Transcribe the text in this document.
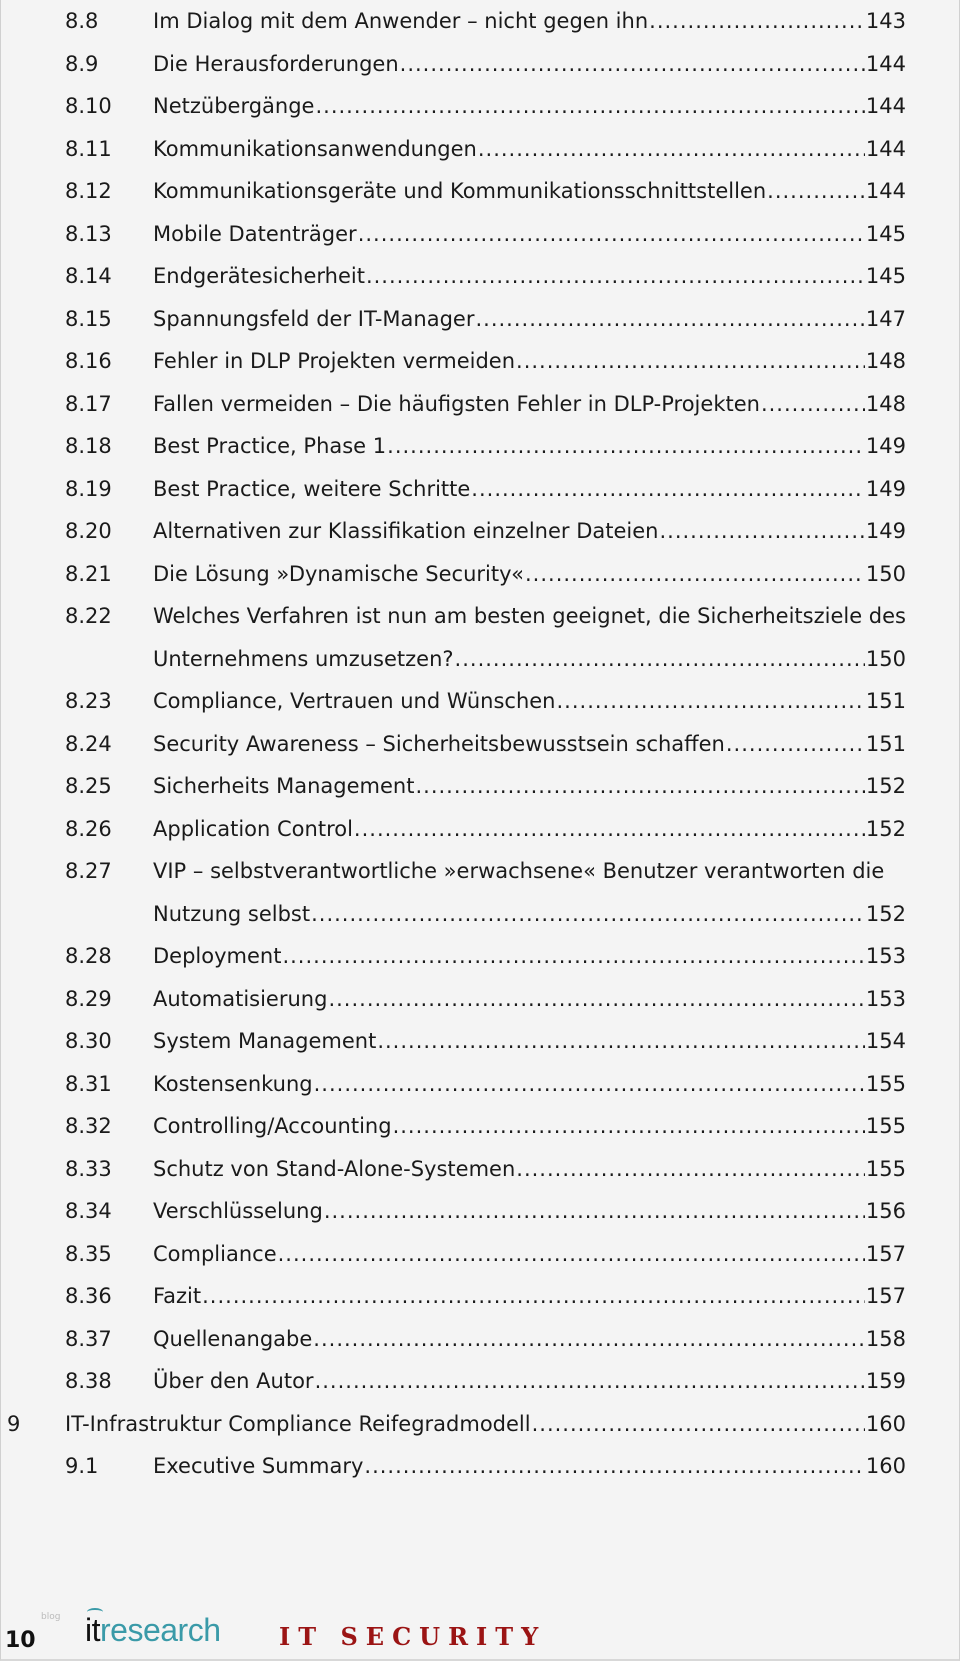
8.8	Im Dialog mit dem Anwender – nicht gegen ihn .....	143
8.9	Die Herausforderungen .....	144
8.10 Netzübergänge .....	144
8.11 Kommunikationsanwendungen .....	144
8.12 Kommunikationsgeräte und Kommunikationsschnittstellen .....	144
8.13 Mobile Datenträger .....	145
8.14 Endgerätesicherheit .....	145
8.15 Spannungsfeld der IT-Manager .....	147
8.16 Fehler in DLP Projekten vermeiden .....	148
8.17 Fallen vermeiden – Die häufigsten Fehler in DLP-Projekten .....	148
8.18 Best Practice, Phase 1 .....	149
8.19 Best Practice, weitere Schritte .....	149
8.20 Alternativen zur Klassifikation einzelner Dateien .....	149
8.21 Die Lösung »Dynamische Security« .....	150
8.22 Welches Verfahren ist nun am besten geeignet, die Sicherheitsziele des
Unternehmens umzusetzen? .....	150
8.23 Compliance, Vertrauen und Wünschen .....	151
8.24 Security Awareness – Sicherheitsbewusstsein schaffen .....	151
8.25 Sicherheits Management .....	152
8.26 Application Control .....	152
8.27 VIP – selbstverantwortliche »erwachsene« Benutzer verantworten die
Nutzung selbst .....	152
8.28 Deployment .....	153
8.29 Automatisierung .....	153
8.30 System Management .....	154
8.31 Kostensenkung .....	155
8.32 Controlling/Accounting .....	155
8.33 Schutz von Stand-Alone-Systemen .....	155
8.34 Verschlüsselung .....	156
8.35 Compliance .....	157
8.36 Fazit .....	157
8.37 Quellenangabe .....	158
8.38 Über den Autor .....	159
9 IT-Infrastruktur Compliance Reifegradmodell .....	160
9.1	Executive Summary .....	160
10
blog itresearch IT SECURITY
